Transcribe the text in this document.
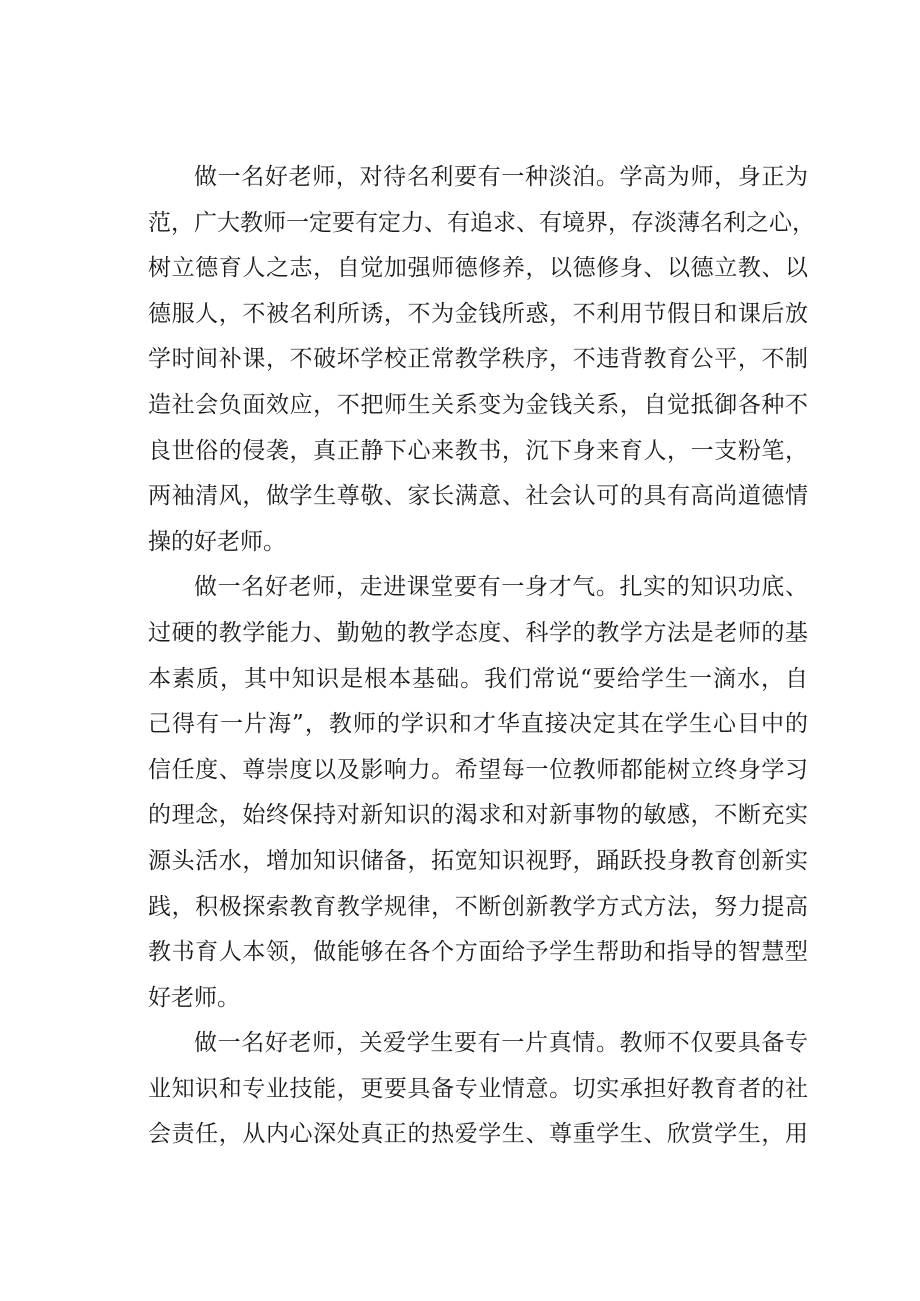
做一名好老师，对待名利要有一种淡泊。学高为师，身正为
范，广大教师一定要有定力、有追求、有境界，存淡薄名利之心，
树立德育人之志，自觉加强师德修养，以德修身、以德立教、以
德服人，不被名利所诱，不为金钱所惑，不利用节假日和课后放
学时间补课，不破坏学校正常教学秩序，不违背教育公平，不制
造社会负面效应，不把师生关系变为金钱关系，自觉抵御各种不
良世俗的侵袭，真正静下心来教书，沉下身来育人，一支粉笔，
两袖清风，做学生尊敬、家长满意、社会认可的具有高尚道德情
操的好老师。
做一名好老师，走进课堂要有一身才气。扎实的知识功底、
过硬的教学能力、勤勉的教学态度、科学的教学方法是老师的基
本素质，其中知识是根本基础。我们常说“要给学生一滴水，自
己得有一片海”，教师的学识和才华直接决定其在学生心目中的
信任度、尊崇度以及影响力。希望每一位教师都能树立终身学习
的理念，始终保持对新知识的渴求和对新事物的敏感，不断充实
源头活水，增加知识储备，拓宽知识视野，踊跃投身教育创新实
践，积极探索教育教学规律，不断创新教学方式方法，努力提高
教书育人本领，做能够在各个方面给予学生帮助和指导的智慧型
好老师。
做一名好老师，关爱学生要有一片真情。教师不仅要具备专
业知识和专业技能，更要具备专业情意。切实承担好教育者的社
会责任，从内心深处真正的热爱学生、尊重学生、欣赏学生，用
